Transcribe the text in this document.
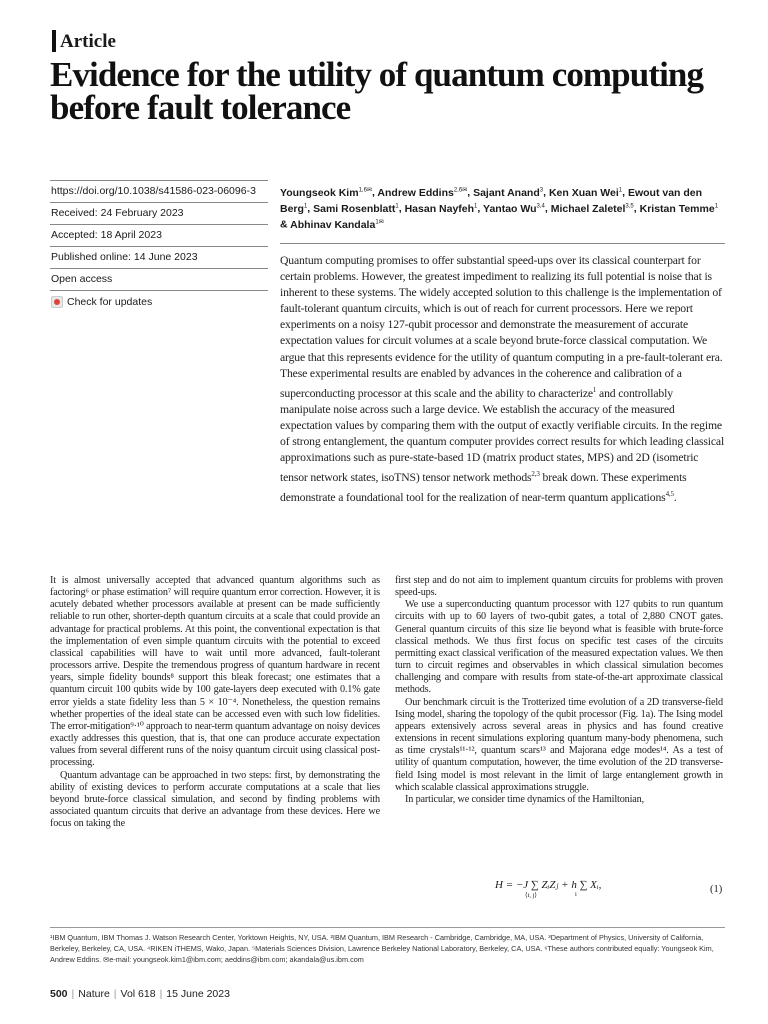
Article
Evidence for the utility of quantum computing before fault tolerance
https://doi.org/10.1038/s41586-023-06096-3
Received: 24 February 2023
Accepted: 18 April 2023
Published online: 14 June 2023
Open access
Check for updates
Youngseok Kim$^{1,6✉}$, Andrew Eddins$^{2,6✉}$, Sajant Anand$^3$, Ken Xuan Wei$^1$, Ewout van den Berg$^1$, Sami Rosenblatt$^1$, Hasan Nayfeh$^1$, Yantao Wu$^{3,4}$, Michael Zaletel$^{3,5}$, Kristan Temme$^1$ & Abhinav Kandala$^{1✉}$
Quantum computing promises to offer substantial speed-ups over its classical counterpart for certain problems. However, the greatest impediment to realizing its full potential is noise that is inherent to these systems. The widely accepted solution to this challenge is the implementation of fault-tolerant quantum circuits, which is out of reach for current processors. Here we report experiments on a noisy 127-qubit processor and demonstrate the measurement of accurate expectation values for circuit volumes at a scale beyond brute-force classical computation. We argue that this represents evidence for the utility of quantum computing in a pre-fault-tolerant era. These experimental results are enabled by advances in the coherence and calibration of a superconducting processor at this scale and the ability to characterize$^1$ and controllably manipulate noise across such a large device. We establish the accuracy of the measured expectation values by comparing them with the output of exactly verifiable circuits. In the regime of strong entanglement, the quantum computer provides correct results for which leading classical approximations such as pure-state-based 1D (matrix product states, MPS) and 2D (isometric tensor network states, isoTNS) tensor network methods$^{2,3}$ break down. These experiments demonstrate a foundational tool for the realization of near-term quantum applications$^{4,5}$.

It is almost universally accepted that advanced quantum algorithms such as factoring⁶ or phase estimation⁷ will require quantum error correction. However, it is acutely debated whether processors available at present can be made sufficiently reliable to run other, shorter-depth quantum circuits at a scale that could provide an advantage for practical problems. At this point, the conventional expectation is that the implementation of even simple quantum circuits with the potential to exceed classical capabilities will have to wait until more advanced, fault-tolerant processors arrive. Despite the tremendous progress of quantum hardware in recent years, simple fidelity bounds⁸ support this bleak forecast; one estimates that a quantum circuit 100 qubits wide by 100 gate-layers deep executed with 0.1% gate error yields a state fidelity less than 5 × 10⁻⁴. Nonetheless, the question remains whether properties of the ideal state can be accessed even with such low fidelities. The error-mitigation⁹·¹⁰ approach to near-term quantum advantage on noisy devices exactly addresses this question, that is, that one can produce accurate expectation values from several different runs of the noisy quantum circuit using classical post-processing.

Quantum advantage can be approached in two steps: first, by demonstrating the ability of existing devices to perform accurate computations at a scale that lies beyond brute-force classical simulation, and second by finding problems with associated quantum circuits that derive an advantage from these devices. Here we focus on taking the

first step and do not aim to implement quantum circuits for problems with proven speed-ups.

We use a superconducting quantum processor with 127 qubits to run quantum circuits with up to 60 layers of two-qubit gates, a total of 2,880 CNOT gates. General quantum circuits of this size lie beyond what is feasible with brute-force classical methods. We thus first focus on specific test cases of the circuits permitting exact classical verification of the measured expectation values. We then turn to circuit regimes and observables in which classical simulation becomes challenging and compare with results from state-of-the-art approximate classical methods.

Our benchmark circuit is the Trotterized time evolution of a 2D transverse-field Ising model, sharing the topology of the qubit processor (Fig. 1a). The Ising model appears extensively across several areas in physics and has found creative extensions in recent simulations exploring quantum many-body phenomena, such as time crystals¹¹·¹², quantum scars¹³ and Majorana edge modes¹⁴. As a test of utility of quantum computation, however, the time evolution of the 2D transverse-field Ising model is most relevant in the limit of large entanglement growth in which scalable classical approximations struggle.

In particular, we consider time dynamics of the Hamiltonian,

H = −J ∑ ZᵢZⱼ + h ∑ Xᵢ,
⟨i, j⟩	i	(1)
¹IBM Quantum, IBM Thomas J. Watson Research Center, Yorktown Heights, NY, USA. ²IBM Quantum, IBM Research - Cambridge, Cambridge, MA, USA. ³Department of Physics, University of California, Berkeley, Berkeley, CA, USA. ⁴RIKEN iTHEMS, Wako, Japan. ⁵Materials Sciences Division, Lawrence Berkeley National Laboratory, Berkeley, CA, USA. ⁶These authors contributed equally: Youngseok Kim, Andrew Eddins. ✉e-mail: youngseok.kim1@ibm.com; aeddins@ibm.com; akandala@us.ibm.com
500 | Nature | Vol 618 | 15 June 2023
